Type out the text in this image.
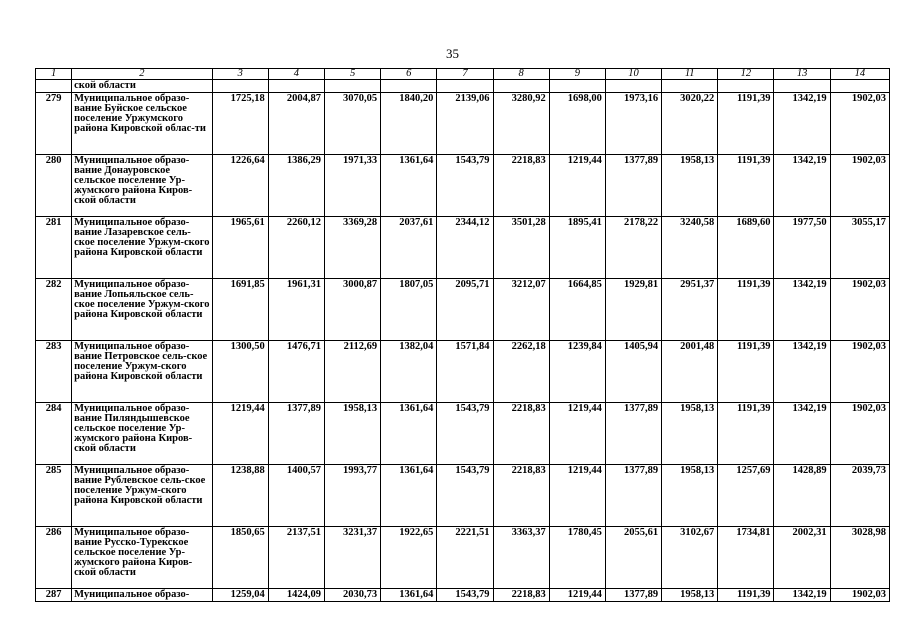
35
1	2	3	4	5	6	7	8	9	10	11	12	13	14
	ской области												
279	Муниципальное образо-вание Буйское сельское поселение Уржумского района Кировской облас-ти	1725,18	2004,87	3070,05	1840,20	2139,06	3280,92	1698,00	1973,16	3020,22	1191,39	1342,19	1902,03
280	Муниципальное образо-вание Донауровское сельское поселение Ур-жумского района Киров-ской области	1226,64	1386,29	1971,33	1361,64	1543,79	2218,83	1219,44	1377,89	1958,13	1191,39	1342,19	1902,03
281	Муниципальное образо-вание Лазаревское сель-ское поселение Уржум-ского района Кировской области	1965,61	2260,12	3369,28	2037,61	2344,12	3501,28	1895,41	2178,22	3240,58	1689,60	1977,50	3055,17
282	Муниципальное образо-вание Лопьяльское сель-ское поселение Уржум-ского района Кировской области	1691,85	1961,31	3000,87	1807,05	2095,71	3212,07	1664,85	1929,81	2951,37	1191,39	1342,19	1902,03
283	Муниципальное образо-вание Петровское сель-ское поселение Уржум-ского района Кировской области	1300,50	1476,71	2112,69	1382,04	1571,84	2262,18	1239,84	1405,94	2001,48	1191,39	1342,19	1902,03
284	Муниципальное образо-вание Пиляндышевское сельское поселение Ур-жумского района Киров-ской области	1219,44	1377,89	1958,13	1361,64	1543,79	2218,83	1219,44	1377,89	1958,13	1191,39	1342,19	1902,03
285	Муниципальное образо-вание Рублевское сель-ское поселение Уржум-ского района Кировской области	1238,88	1400,57	1993,77	1361,64	1543,79	2218,83	1219,44	1377,89	1958,13	1257,69	1428,89	2039,73
286	Муниципальное образо-вание Русско-Турекское сельское поселение Ур-жумского района Киров-ской области	1850,65	2137,51	3231,37	1922,65	2221,51	3363,37	1780,45	2055,61	3102,67	1734,81	2002,31	3028,98
287	Муниципальное образо-	1259,04	1424,09	2030,73	1361,64	1543,79	2218,83	1219,44	1377,89	1958,13	1191,39	1342,19	1902,03
